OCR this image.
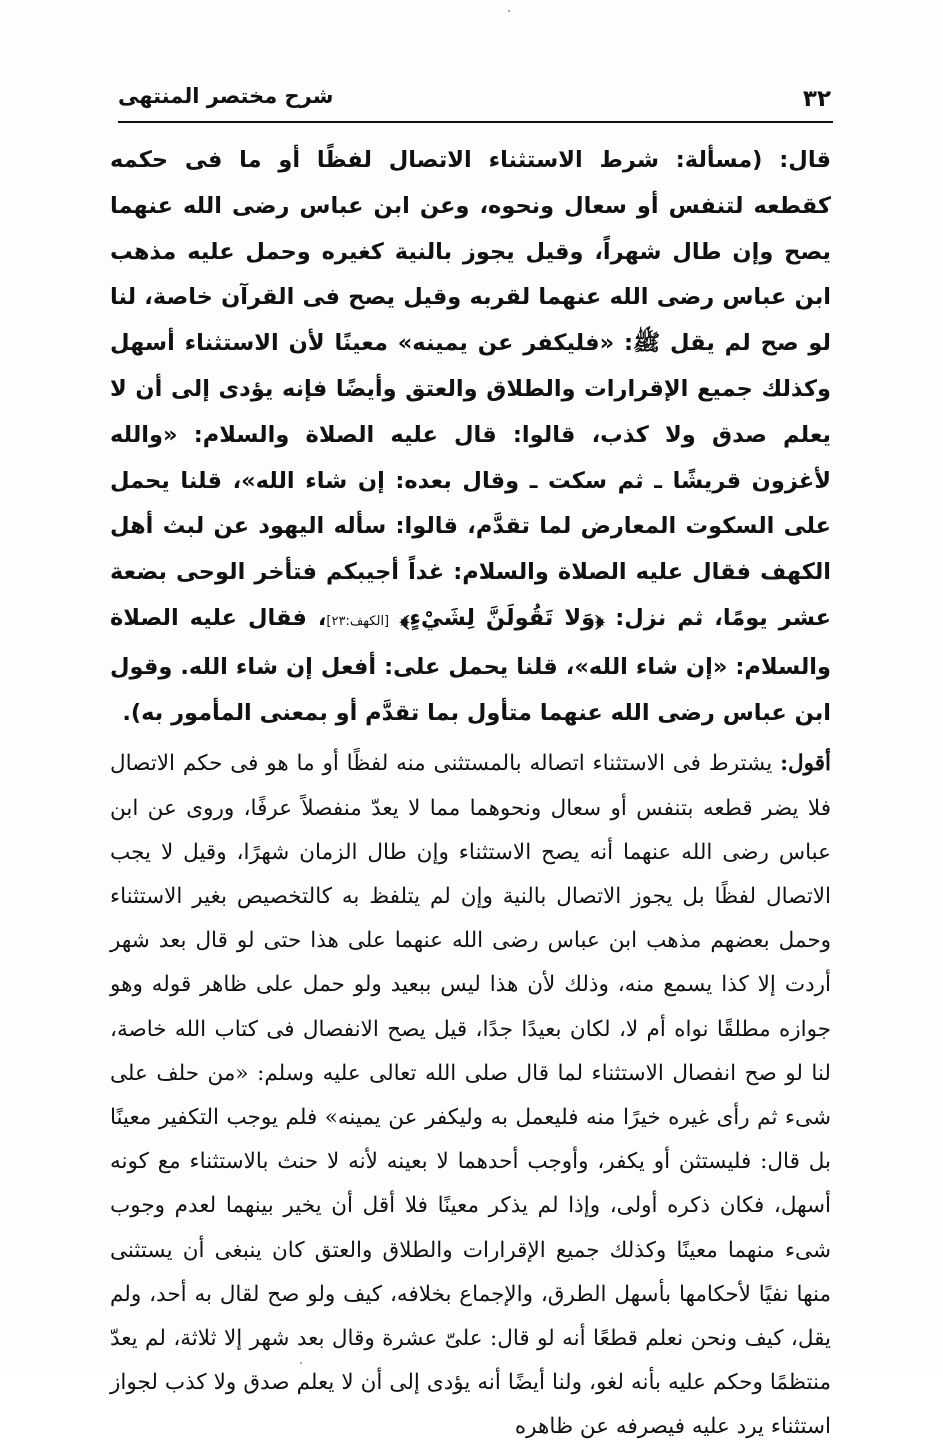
٣٢
شرح مختصر المنتهى

قال: (مسألة: شرط الاستثناء الاتصال لفظًا أو ما فى حكمه كقطعه لتنفس أو سعال ونحوه، وعن ابن عباس رضى الله عنهما يصح وإن طال شهراً، وقيل يجوز بالنية كغيره وحمل عليه مذهب ابن عباس رضى الله عنهما لقربه وقيل يصح فى القرآن خاصة، لنا لو صح لم يقل ﷺ: «فليكفر عن يمينه» معينًا لأن الاستثناء أسهل وكذلك جميع الإقرارات والطلاق والعتق وأيضًا فإنه يؤدى إلى أن لا يعلم صدق ولا كذب، قالوا: قال عليه الصلاة والسلام: «والله لأغزون قريشًا ـ ثم سكت ـ وقال بعده: إن شاء الله»، قلنا يحمل على السكوت المعارض لما تقدَّم، قالوا: سأله اليهود عن لبث أهل الكهف فقال عليه الصلاة والسلام: غداً أجيبكم فتأخر الوحى بضعة عشر يومًا، ثم نزل: ﴿وَلا تَقُولَنَّ لِشَيْءٍ﴾ [الكهف:٢٣]، فقال عليه الصلاة والسلام: «إن شاء الله»، قلنا يحمل على: أفعل إن شاء الله. وقول ابن عباس رضى الله عنهما متأول بما تقدَّم أو بمعنى المأمور به).

أقول: يشترط فى الاستثناء اتصاله بالمستثنى منه لفظًا أو ما هو فى حكم الاتصال فلا يضر قطعه بتنفس أو سعال ونحوهما مما لا يعدّ منفصلاً عرفًا، وروى عن ابن عباس رضى الله عنهما أنه يصح الاستثناء وإن طال الزمان شهرًا، وقيل لا يجب الاتصال لفظًا بل يجوز الاتصال بالنية وإن لم يتلفظ به كالتخصيص بغير الاستثناء وحمل بعضهم مذهب ابن عباس رضى الله عنهما على هذا حتى لو قال بعد شهر أردت إلا كذا يسمع منه، وذلك لأن هذا ليس ببعيد ولو حمل على ظاهر قوله وهو جوازه مطلقًا نواه أم لا، لكان بعيدًا جدًا، قيل يصح الانفصال فى كتاب الله خاصة، لنا لو صح انفصال الاستثناء لما قال صلى الله تعالى عليه وسلم: «من حلف على شىء ثم رأى غيره خيرًا منه فليعمل به وليكفر عن يمينه» فلم يوجب التكفير معينًا بل قال: فليستثن أو يكفر، وأوجب أحدهما لا بعينه لأنه لا حنث بالاستثناء مع كونه أسهل، فكان ذكره أولى، وإذا لم يذكر معينًا فلا أقل أن يخير بينهما لعدم وجوب شىء منهما معينًا وكذلك جميع الإقرارات والطلاق والعتق كان ينبغى أن يستثنى منها نفيًا لأحكامها بأسهل الطرق، والإجماع بخلافه، كيف ولو صح لقال به أحد، ولم يقل، كيف ونحن نعلم قطعًا أنه لو قال: علىّ عشرة وقال بعد شهر إلا ثلاثة، لم يعدّ منتظمًا وحكم عليه بأنه لغو، ولنا أيضًا أنه يؤدى إلى أن لا يعلم صدق ولا كذب لجواز استثناء يرد عليه فيصرفه عن ظاهره
